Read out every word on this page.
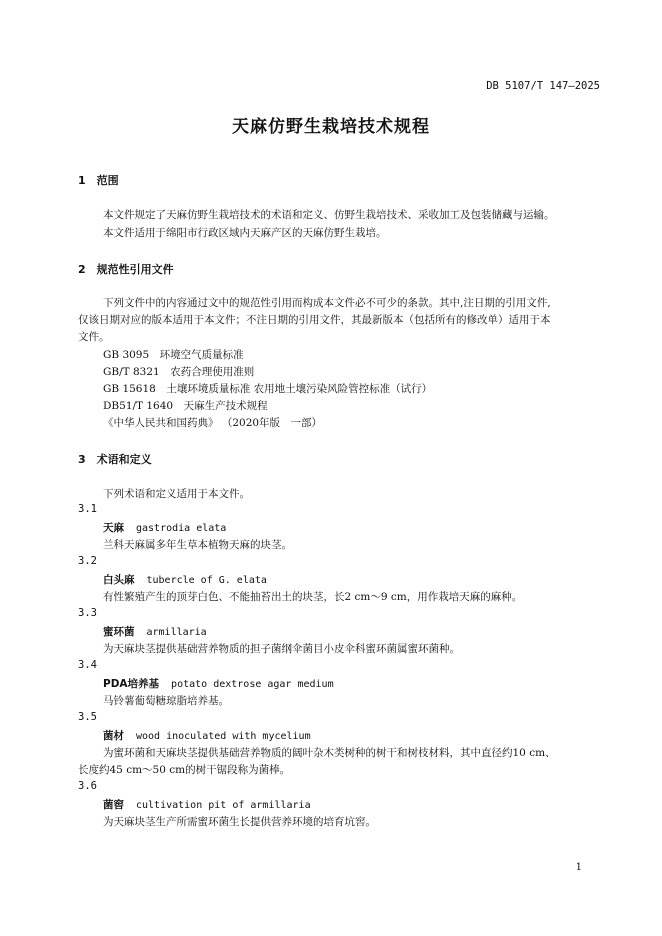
DB 5107/T 147—2025
天麻仿野生栽培技术规程
1　范围
本文件规定了天麻仿野生栽培技术的术语和定义、仿野生栽培技术、采收加工及包装储藏与运输。
本文件适用于绵阳市行政区域内天麻产区的天麻仿野生栽培。
2　规范性引用文件
下列文件中的内容通过文中的规范性引用而构成本文件必不可少的条款。其中,注日期的引用文件,
仅该日期对应的版本适用于本文件；不注日期的引用文件，其最新版本（包括所有的修改单）适用于本
文件。
GB 3095　环境空气质量标准
GB/T 8321　农药合理使用准则
GB 15618　土壤环境质量标准 农用地土壤污染风险管控标准（试行）
DB51/T 1640　天麻生产技术规程
《中华人民共和国药典》 （2020年版　一部）
3　术语和定义
下列术语和定义适用于本文件。
3.1
天麻 gastrodia elata
兰科天麻属多年生草本植物天麻的块茎。
3.2
白头麻 tubercle of G. elata
有性繁殖产生的顶芽白色、不能抽苔出土的块茎，长2 cm～9 cm，用作栽培天麻的麻种。
3.3
蜜环菌 armillaria
为天麻块茎提供基础营养物质的担子菌纲伞菌目小皮伞科蜜环菌属蜜环菌种。
3.4
PDA培养基 potato dextrose agar medium
马铃薯葡萄糖琼脂培养基。
3.5
菌材 wood inoculated with mycelium
为蜜环菌和天麻块茎提供基础营养物质的阔叶杂木类树种的树干和树枝材料，其中直径约10 cm、
长度约45 cm～50 cm的树干锯段称为菌棒。
3.6
菌窖 cultivation pit of armillaria
为天麻块茎生产所需蜜环菌生长提供营养环境的培育坑窖。
1
